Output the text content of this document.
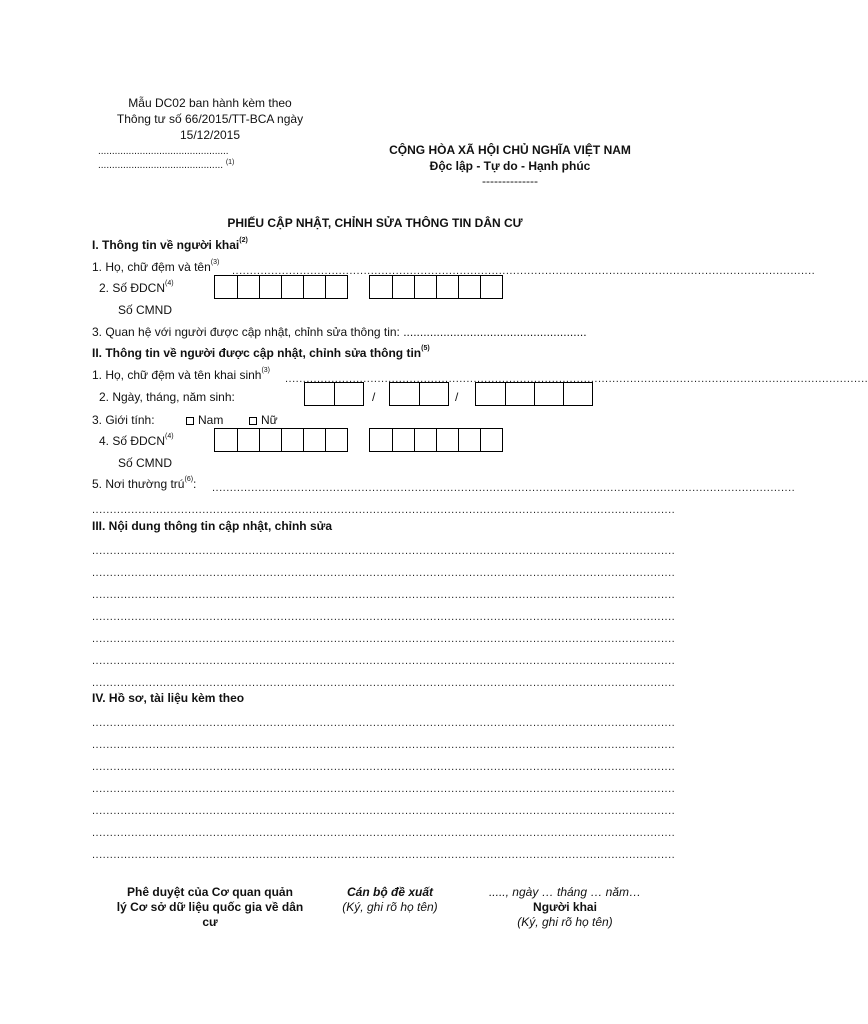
Mẫu DC02 ban hành kèm theo
Thông tư số 66/2015/TT-BCA ngày
15/12/2015
...............................................
............................................. $^{(1)}$
CỘNG HÒA XÃ HỘI CHỦ NGHĨA VIỆT NAM
Độc lập - Tự do - Hạnh phúc
--------------
PHIẾU CẬP NHẬT, CHỈNH SỬA THÔNG TIN DÂN CƯ
I. Thông tin về người khai$^{(2)}$
1. Họ, chữ đệm và tên$^{(3)}$
....................................................................................................................................................................
2. Số ĐDCN$^{(4)}$
Số CMND
3. Quan hệ với người được cập nhật, chỉnh sửa thông tin: .......................................................
II. Thông tin về người được cập nhật, chỉnh sửa thông tin$^{(5)}$
1. Họ, chữ đệm và tên khai $\sinh^{(3)}$
....................................................................................................................................................................
2. Ngày, tháng, năm sinh:	/	/
3. Giới tính:	Nam	Nữ
4. Số ĐDCN$^{(4)}$
Số CMND
5. Nơi thường trú$^{(6)}$: ....................................................................................................................................................................
....................................................................................................................................................................
III. Nội dung thông tin cập nhật, chỉnh sửa
....................................................................................................................................................................
....................................................................................................................................................................
....................................................................................................................................................................
....................................................................................................................................................................
....................................................................................................................................................................
....................................................................................................................................................................
....................................................................................................................................................................
IV. Hồ sơ, tài liệu kèm theo
....................................................................................................................................................................
....................................................................................................................................................................
....................................................................................................................................................................
....................................................................................................................................................................
....................................................................................................................................................................
....................................................................................................................................................................
....................................................................................................................................................................
Phê duyệt của Cơ quan quản
lý Cơ sở dữ liệu quốc gia về dân
cư
Cán bộ đề xuất
(Ký, ghi rõ họ tên)
....., ngày … tháng … năm…
Người khai
(Ký, ghi rõ họ tên)
